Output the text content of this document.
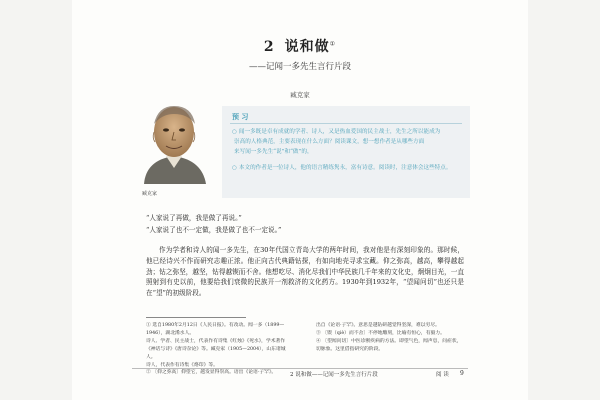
2 说和做①
——记闻一多先生言行片段
臧克家
臧克家
预 习
○ 闻一多既是卓有成就的学者、诗人，又是热血爱国的民主战士，先生之所以能成为
崇高的人格典范，主要表现在什么方面？阅读课文，想一想作者是从哪些方面
来写闻一多先生“说”和“做”的，
○ 本文的作者是一位诗人，他的语言精练隽永，富有诗意。阅读时，注意体会这些特点。
“人家说了再做，我是做了再说。”
“人家说了也不一定做，我是做了也不一定说。”
作为学者和诗人的闻一多先生，在30年代国立青岛大学的两年时间，我对他是有深刻印象的。那时候，他已经诗兴不作而研究志趣正浓。他正向古代典籍钻探，有如向地壳寻求宝藏。仰之弥高，越高，攀得越起劲；钻之弥坚，越坚，钻得越锲而不舍。他想吃尽、消化尽我们中华民族几千年来的文化史，炯炯目光，一直照射到有史以前，他要给我们衰微的民族开一剂救济的文化药方。1930年到1932年，“望闻问切”也还只是在“望”的初级阶段。

① 选自1980年2月12日《人民日报》。有改动。闻一多（1899—1946），湖北浠水人。

诗人、学者、民主战士，代表作有诗集《红烛》《死水》，学术著作《神话与诗》《唐诗杂论》等。臧克家（1905—2004），山东诸城人。

诗人，代表作有诗集《烙印》等。

② 〔仰之弥高〕仰望它，越发显得崇高。语出《论语·子罕》。

出自《论语·子罕》。意思是越钻研越觉得坚深，难以穷尽。

③ 〔锲（qiè）而不舍〕不停地雕刻，比喻有恒心，有毅力。

④ 〔望闻问切〕中医诊断疾病的方法。即望气色，闻声息，问症状，切脉象。这里借指研究的阶段。

2 说和做——记闻一多先生言行片段	阅 读 9
